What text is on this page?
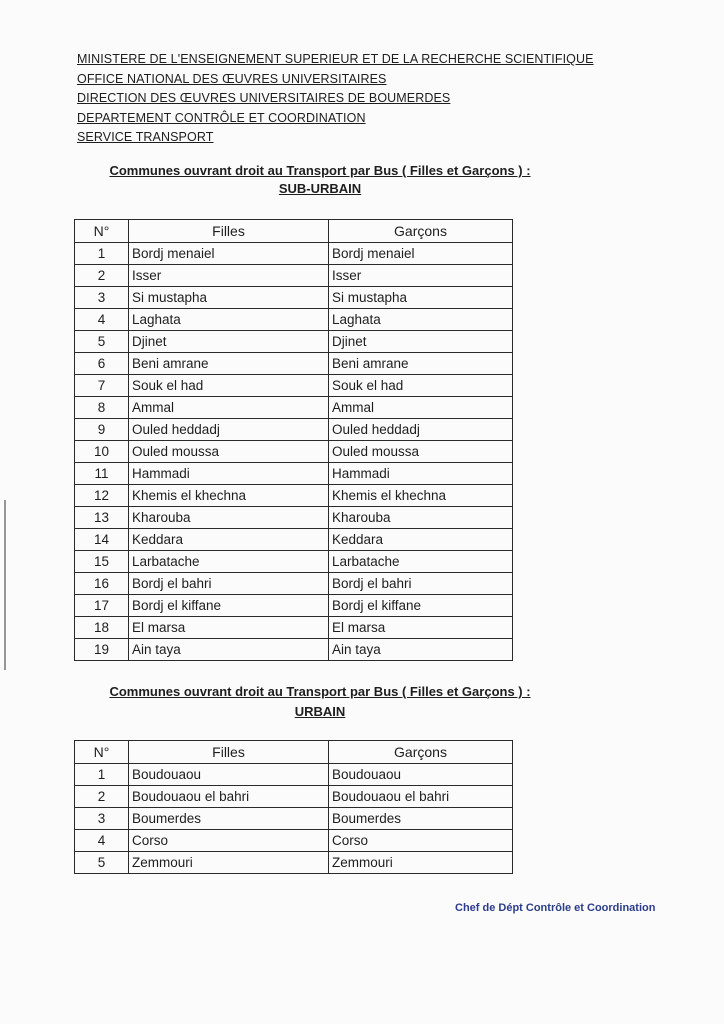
MINISTERE DE L'ENSEIGNEMENT SUPERIEUR ET DE LA RECHERCHE SCIENTIFIQUE
OFFICE NATIONAL DES ŒUVRES UNIVERSITAIRES
DIRECTION DES ŒUVRES UNIVERSITAIRES DE BOUMERDES
DEPARTEMENT CONTRÔLE ET COORDINATION
SERVICE TRANSPORT
Communes ouvrant droit au Transport par Bus ( Filles et Garçons ) :
SUB-URBAIN
N°	Filles	Garçons
1	Bordj menaiel	Bordj menaiel
2	Isser	Isser
3	Si mustapha	Si mustapha
4	Laghata	Laghata
5	Djinet	Djinet
6	Beni amrane	Beni amrane
7	Souk el had	Souk el had
8	Ammal	Ammal
9	Ouled heddadj	Ouled heddadj
10	Ouled moussa	Ouled moussa
11	Hammadi	Hammadi
12	Khemis el khechna	Khemis el khechna
13	Kharouba	Kharouba
14	Keddara	Keddara
15	Larbatache	Larbatache
16	Bordj el bahri	Bordj el bahri
17	Bordj el kiffane	Bordj el kiffane
18	El marsa	El marsa
19	Ain taya	Ain taya
Communes ouvrant droit au Transport par Bus ( Filles et Garçons ) :
URBAIN
N°	Filles	Garçons
1	Boudouaou	Boudouaou
2	Boudouaou el bahri	Boudouaou el bahri
3	Boumerdes	Boumerdes
4	Corso	Corso
5	Zemmouri	Zemmouri
Chef de Dépt Contrôle et Coordination
